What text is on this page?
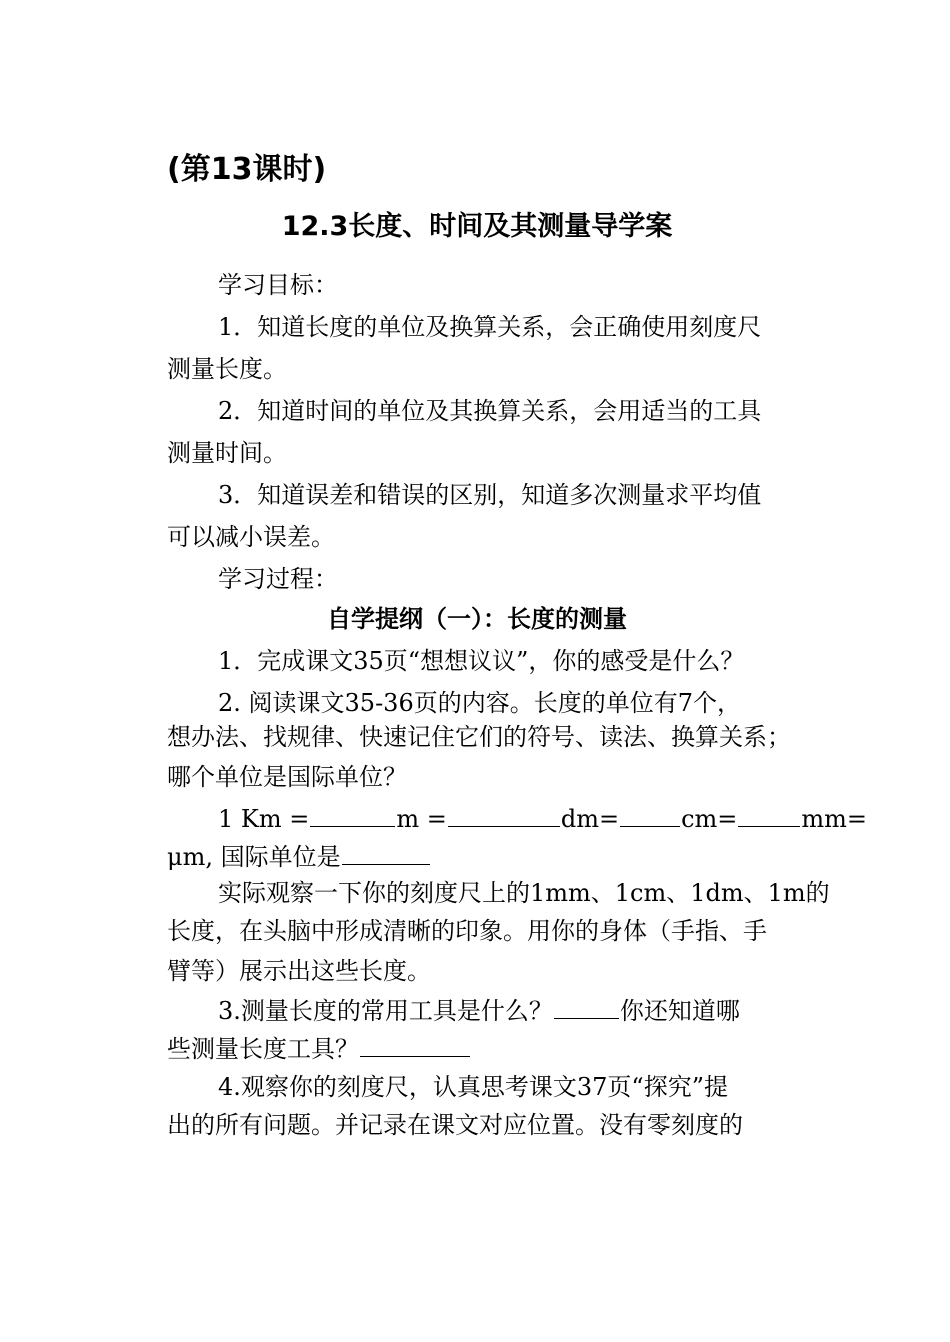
(第13课时)
12.3长度、时间及其测量导学案
学习目标：
1．知道长度的单位及换算关系，会正确使用刻度尺
测量长度。
2．知道时间的单位及其换算关系，会用适当的工具
测量时间。
3．知道误差和错误的区别，知道多次测量求平均值
可以减小误差。
学习过程：
自学提纲（一）：长度的测量
1．完成课文35页“想想议议”，你的感受是什么？
2. 阅读课文35-36页的内容。长度的单位有7个，
想办法、找规律、快速记住它们的符号、读法、换算关系；
哪个单位是国际单位？
1 Km =	m =	dm=	cm=	mm=
μm, 国际单位是
实际观察一下你的刻度尺上的1mm、1cm、1dm、1m的
长度，在头脑中形成清晰的印象。用你的身体（手指、手
臂等）展示出这些长度。
3.测量长度的常用工具是什么？	你还知道哪
些测量长度工具？
4.观察你的刻度尺，认真思考课文37页“探究”提
出的所有问题。并记录在课文对应位置。没有零刻度的
